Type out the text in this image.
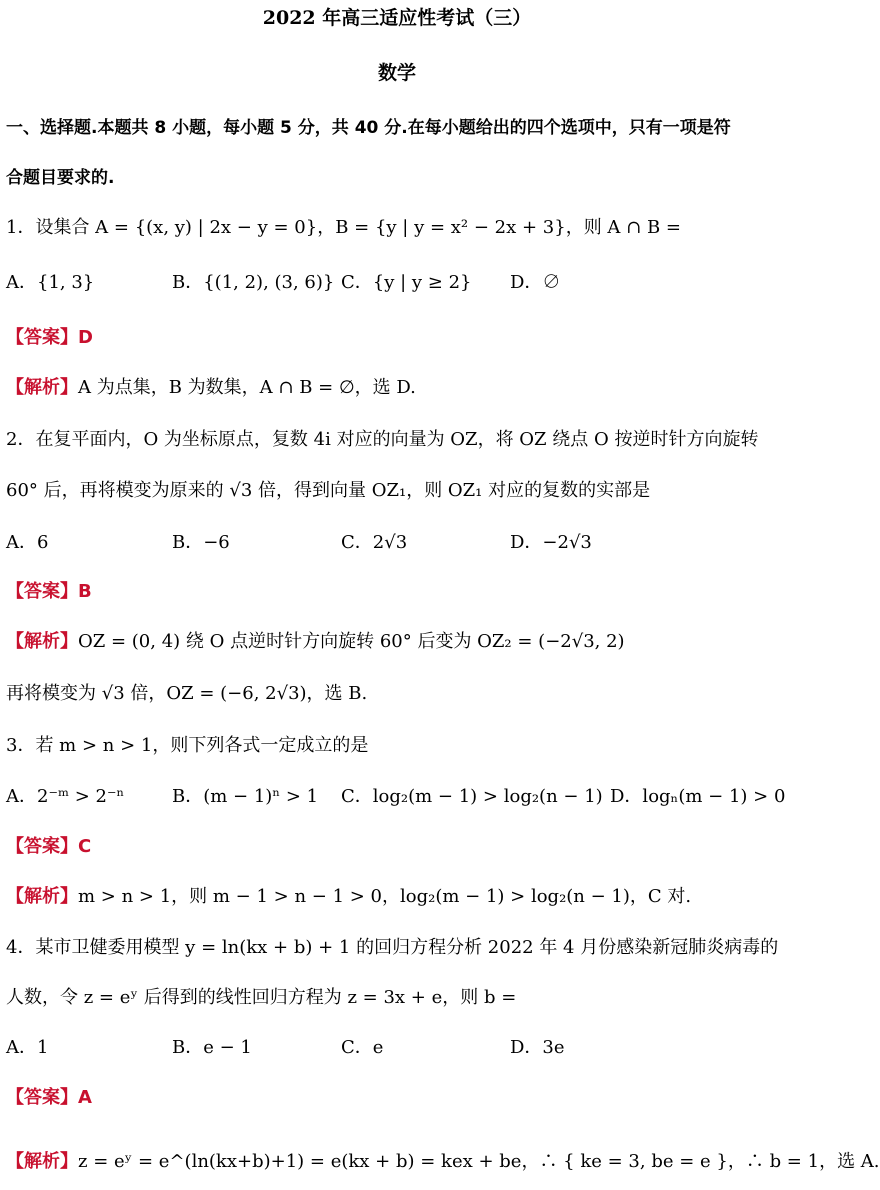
2022 年高三适应性考试（三）
数学
一、选择题.本题共 8 小题，每小题 5 分，共 40 分.在每小题给出的四个选项中，只有一项是符
合题目要求的.
1．设集合 A = {(x, y) | 2x − y = 0}，B = {y | y = x² − 2x + 3}，则 A ∩ B =
A．{1, 3}	B．{(1, 2), (3, 6)} C．{y | y ≥ 2} D．∅
【答案】D
【解析】A 为点集，B 为数集，A ∩ B = ∅，选 D.
2．在复平面内，O 为坐标原点，复数 4i 对应的向量为 OZ，将 OZ 绕点 O 按逆时针方向旋转
60° 后，再将模变为原来的 √3 倍，得到向量 OZ₁，则 OZ₁ 对应的复数的实部是
A．6	B．−6	C．2√3	D．−2√3
【答案】B
【解析】OZ = (0, 4) 绕 O 点逆时针方向旋转 60° 后变为 OZ₂ = (−2√3, 2)
再将模变为 √3 倍，OZ = (−6, 2√3)，选 B.
3．若 m > n > 1，则下列各式一定成立的是
A．2⁻ᵐ > 2⁻ⁿ	B．(m − 1)ⁿ > 1 C．log₂(m − 1) > log₂(n − 1) D．logₙ(m − 1) > 0
【答案】C
【解析】m > n > 1，则 m − 1 > n − 1 > 0，log₂(m − 1) > log₂(n − 1)，C 对.
4．某市卫健委用模型 y = ln(kx + b) + 1 的回归方程分析 2022 年 4 月份感染新冠肺炎病毒的
人数，令 z = eʸ 后得到的线性回归方程为 z = 3x + e，则 b =
A．1	B．e − 1	C．e	D．3e
【答案】A
【解析】z = eʸ = e^(ln(kx+b)+1) = e(kx + b) = kex + be，∴ { ke = 3, be = e }，∴ b = 1，选 A.
